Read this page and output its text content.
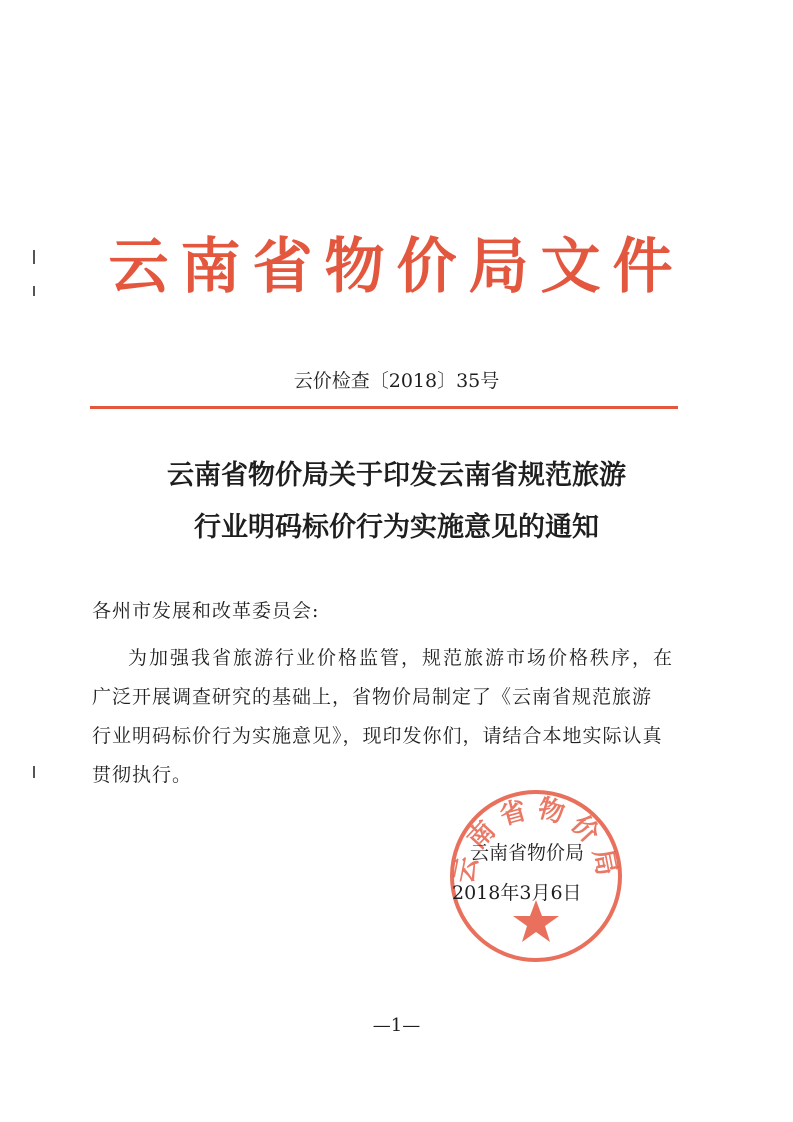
云南省物价局文件
云价检查〔2018〕35号
云南省物价局关于印发云南省规范旅游
行业明码标价行为实施意见的通知
各州市发展和改革委员会:
为加强我省旅游行业价格监管，规范旅游市场价格秩序，在
广泛开展调查研究的基础上，省物价局制定了《云南省规范旅游
行业明码标价行为实施意见》，现印发你们，请结合本地实际认真
贯彻执行。
云南省物价局
云南省物价局
2018年3月6日
—1—
